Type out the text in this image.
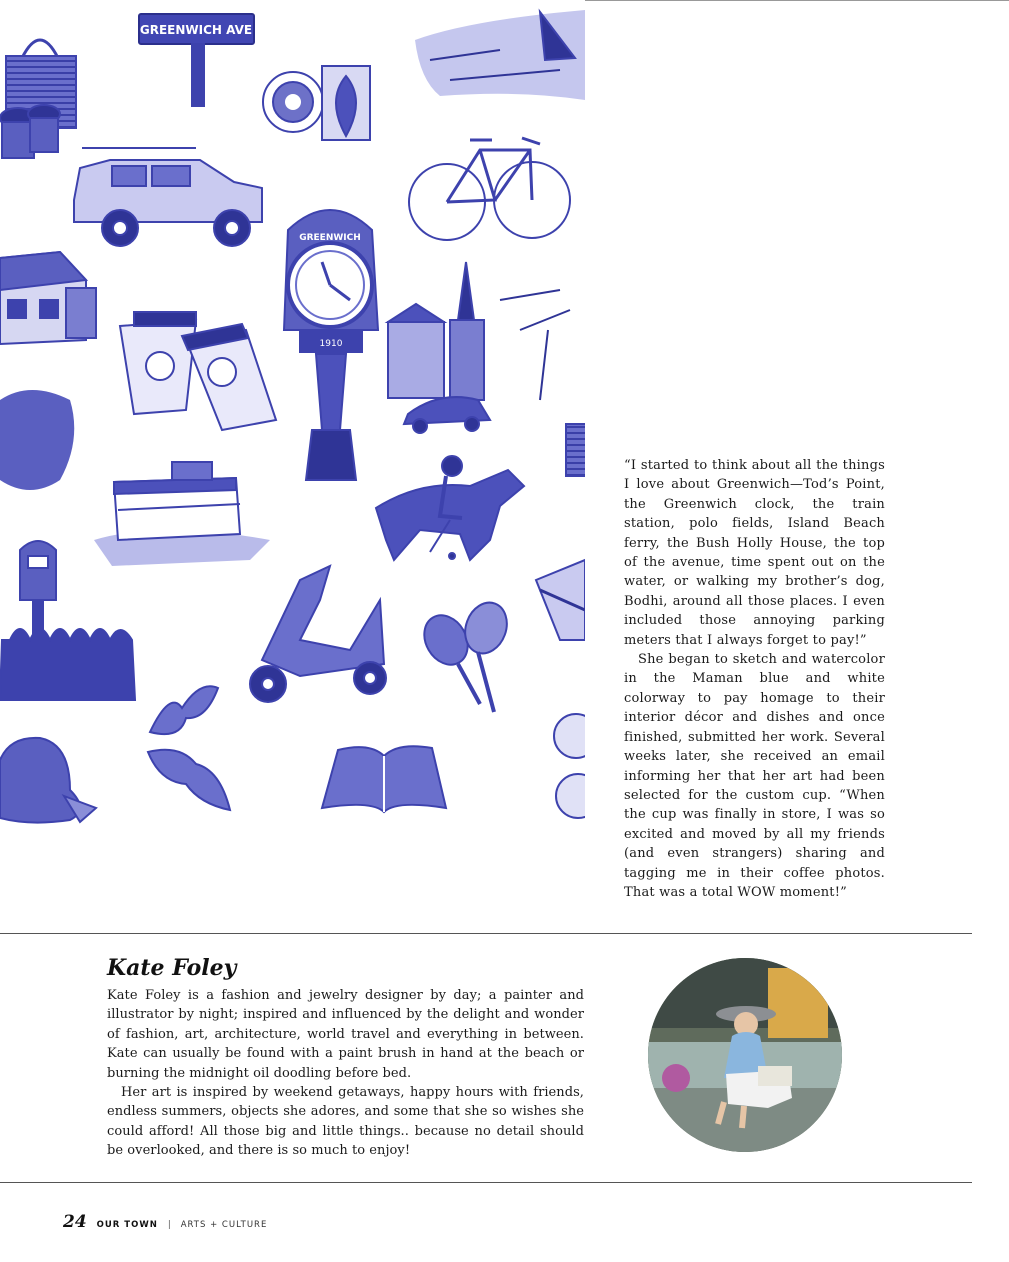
GREENWICH AVE
GREENWICH
1910

“I started to think about all the things I love about Greenwich—Tod’s Point, the Greenwich clock, the train station, polo fields, Island Beach ferry, the Bush Holly House, the top of the avenue, time spent out on the water, or walking my brother’s dog, Bodhi, around all those places. I even included those annoying parking meters that I always forget to pay!”

She began to sketch and watercolor in the Maman blue and white colorway to pay homage to their interior décor and dishes and once finished, submitted her work. Several weeks later, she received an email informing her that her art had been selected for the custom cup. “When the cup was finally in store, I was so excited and moved by all my friends (and even strangers) sharing and tagging me in their coffee photos. That was a total WOW moment!”

Kate Foley

Kate Foley is a fashion and jewelry designer by day; a painter and illustrator by night; inspired and influenced by the delight and wonder of fashion, art, architecture, world travel and everything in between. Kate can usually be found with a paint brush in hand at the beach or burning the midnight oil doodling before bed.

Her art is inspired by weekend getaways, happy hours with friends, endless summers, objects she adores, and some that she so wishes she could afford! All those big and little things.. because no detail should be overlooked, and there is so much to enjoy!

24 OUR TOWN | ARTS + CULTURE
